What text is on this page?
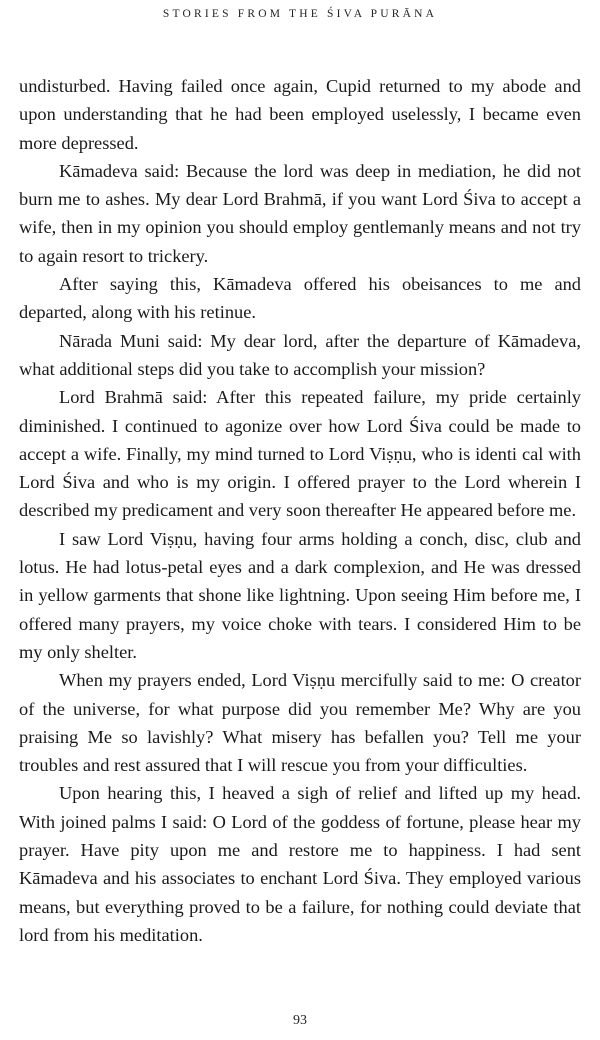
STORIES FROM THE ŚIVA PURĀNA

undisturbed. Having failed once again, Cupid returned to my abode and upon understanding that he had been employed uselessly, I became even more depressed.

Kāmadeva said: Because the lord was deep in mediation, he did not burn me to ashes. My dear Lord Brahmā, if you want Lord Śiva to accept a wife, then in my opinion you should employ gentlemanly means and not try to again resort to trickery.

After saying this, Kāmadeva offered his obeisances to me and departed, along with his retinue.

Nārada Muni said: My dear lord, after the departure of Kāmadeva, what additional steps did you take to accomplish your mission?

Lord Brahmā said: After this repeated failure, my pride certainly diminished. I continued to agonize over how Lord Śiva could be made to accept a wife. Finally, my mind turned to Lord Viṣṇu, who is identi cal with Lord Śiva and who is my origin. I offered prayer to the Lord wherein I described my predicament and very soon thereafter He appeared before me.

I saw Lord Viṣṇu, having four arms holding a conch, disc, club and lotus. He had lotus-petal eyes and a dark complexion, and He was dressed in yellow garments that shone like lightning. Upon seeing Him before me, I offered many prayers, my voice choke with tears. I considered Him to be my only shelter.

When my prayers ended, Lord Viṣṇu mercifully said to me: O creator of the universe, for what purpose did you remember Me? Why are you praising Me so lavishly? What misery has befallen you? Tell me your troubles and rest assured that I will rescue you from your difficulties.

Upon hearing this, I heaved a sigh of relief and lifted up my head. With joined palms I said: O Lord of the goddess of fortune, please hear my prayer. Have pity upon me and restore me to happiness. I had sent Kāmadeva and his associates to enchant Lord Śiva. They employed various means, but everything proved to be a failure, for nothing could deviate that lord from his meditation.

93
